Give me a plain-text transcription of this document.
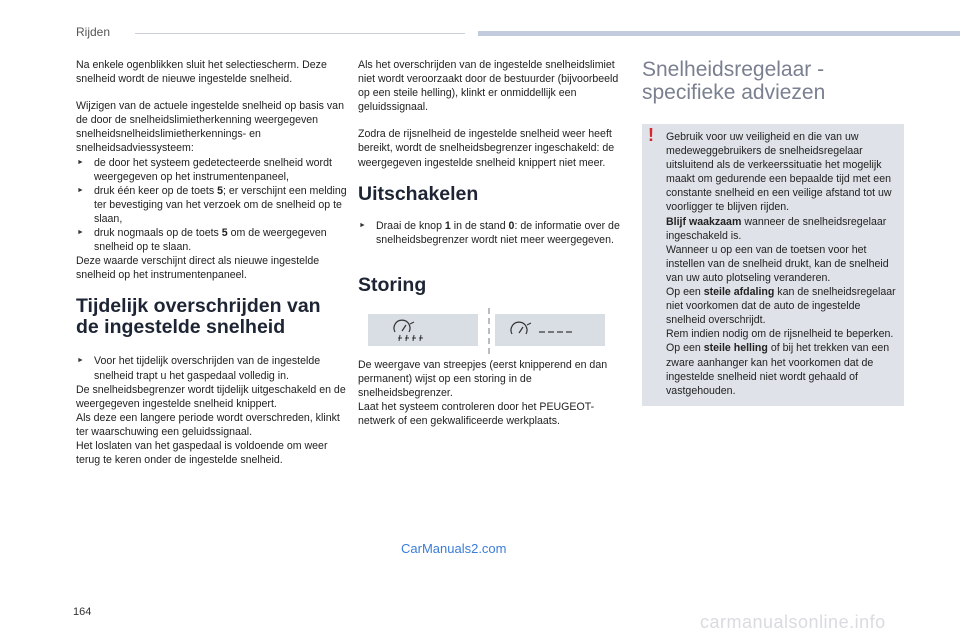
Rijden

Na enkele ogenblikken sluit het selectiescherm. Deze snelheid wordt de nieuwe ingestelde snelheid.

Wijzigen van de actuele ingestelde snelheid op basis van de door de snelheidslimietherkenning weergegeven snelheidsnelheidslimietherkennings- en snelheidsadviessysteem:

► de door het systeem gedetecteerde snelheid wordt weergegeven op het instrumentenpaneel,

► druk één keer op de toets 5; er verschijnt een melding ter bevestiging van het verzoek om de snelheid op te slaan,

► druk nogmaals op de toets 5 om de weergegeven snelheid op te slaan.

Deze waarde verschijnt direct als nieuwe ingestelde snelheid op het instrumentenpaneel.

Tijdelijk overschrijden van de ingestelde snelheid

► Voor het tijdelijk overschrijden van de ingestelde snelheid trapt u het gaspedaal volledig in.

De snelheidsbegrenzer wordt tijdelijk uitgeschakeld en de weergegeven ingestelde snelheid knippert.

Als deze een langere periode wordt overschreden, klinkt ter waarschuwing een geluidssignaal.

Het loslaten van het gaspedaal is voldoende om weer terug te keren onder de ingestelde snelheid.

Als het overschrijden van de ingestelde snelheidslimiet niet wordt veroorzaakt door de bestuurder (bijvoorbeeld op een steile helling), klinkt er onmiddellijk een geluidssignaal.

Zodra de rijsnelheid de ingestelde snelheid weer heeft bereikt, wordt de snelheidsbegrenzer ingeschakeld: de weergegeven ingestelde snelheid knippert niet meer.

Uitschakelen

► Draai de knop 1 in de stand 0: de informatie over de snelheidsbegrenzer wordt niet meer weergegeven.

Storing

De weergave van streepjes (eerst knipperend en dan permanent) wijst op een storing in de snelheidsbegrenzer.

Laat het systeem controleren door het PEUGEOT-netwerk of een gekwalificeerde werkplaats.

Snelheidsregelaar - specifieke adviezen
! Gebruik voor uw veiligheid en die van uw medeweggebruikers de snelheidsregelaar uitsluitend als de verkeerssituatie het mogelijk maakt om gedurende een bepaalde tijd met een constante snelheid en een veilige afstand tot uw voorligger te blijven rijden.

Blijf waakzaam wanneer de snelheidsregelaar ingeschakeld is.

Wanneer u op een van de toetsen voor het instellen van de snelheid drukt, kan de snelheid van uw auto plotseling veranderen.

Op een steile afdaling kan de snelheidsregelaar niet voorkomen dat de auto de ingestelde snelheid overschrijdt.

Rem indien nodig om de rijsnelheid te beperken.

Op een steile helling of bij het trekken van een zware aanhanger kan het voorkomen dat de ingestelde snelheid niet wordt gehaald of vastgehouden.

164
CarManuals2.com
carmanualsonline.info
